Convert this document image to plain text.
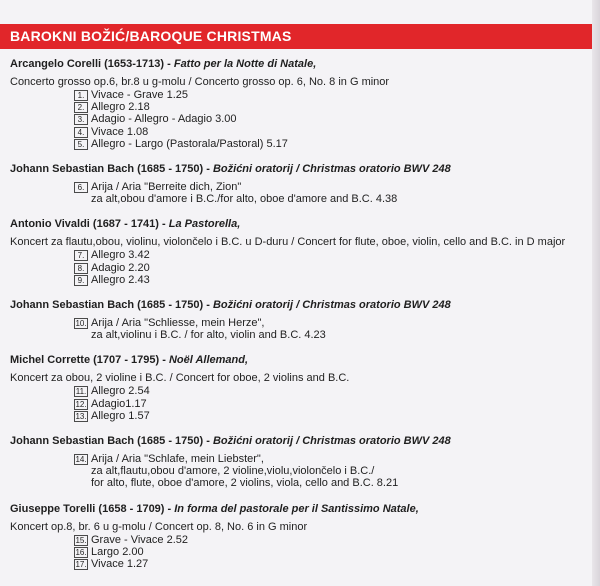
BAROKNI BOŽIĆ/BAROQUE CHRISTMAS
Arcangelo Corelli (1653-1713) - Fatto per la Notte di Natale,
Concerto grosso op.6, br.8 u g-molu / Concerto grosso op. 6, No. 8 in G minor
1. Vivace - Grave 1.25
2. Allegro 2.18
3. Adagio - Allegro - Adagio 3.00
4. Vivace 1.08
5. Allegro - Largo (Pastorala/Pastoral) 5.17
Johann Sebastian Bach (1685 - 1750) - Božićni oratorij / Christmas oratorio BWV 248
6. Arija / Aria "Berreite dich, Zion"
za alt,obou d'amore i B.C./for alto, oboe d'amore and B.C. 4.38
Antonio Vivaldi (1687 - 1741) - La Pastorella,
Koncert za flautu,obou, violinu, violončelo i B.C. u D-duru / Concert for flute, oboe, violin, cello and B.C. in D major
7. Allegro 3.42
8. Adagio 2.20
9. Allegro 2.43
Johann Sebastian Bach (1685 - 1750) - Božićni oratorij / Christmas oratorio BWV 248
10. Arija / Aria "Schliesse, mein Herze",
za alt,violinu i B.C. / for alto, violin and B.C. 4.23
Michel Corrette (1707 - 1795) - Noël Allemand,
Koncert za obou, 2 violine i B.C. / Concert for oboe, 2 violins and B.C.
11. Allegro 2.54
12. Adagio1.17
13. Allegro 1.57
Johann Sebastian Bach (1685 - 1750) - Božićni oratorij / Christmas oratorio BWV 248
14. Arija / Aria "Schlafe, mein Liebster",
za alt,flautu,obou d'amore, 2 violine,violu,violončelo i B.C./
for alto, flute, oboe d'amore, 2 violins, viola, cello and B.C. 8.21
Giuseppe Torelli (1658 - 1709) - In forma del pastorale per il Santissimo Natale,
Koncert op.8, br. 6 u g-molu / Concert op. 8, No. 6 in G minor
15. Grave - Vivace 2.52
16. Largo 2.00
17. Vivace 1.27
